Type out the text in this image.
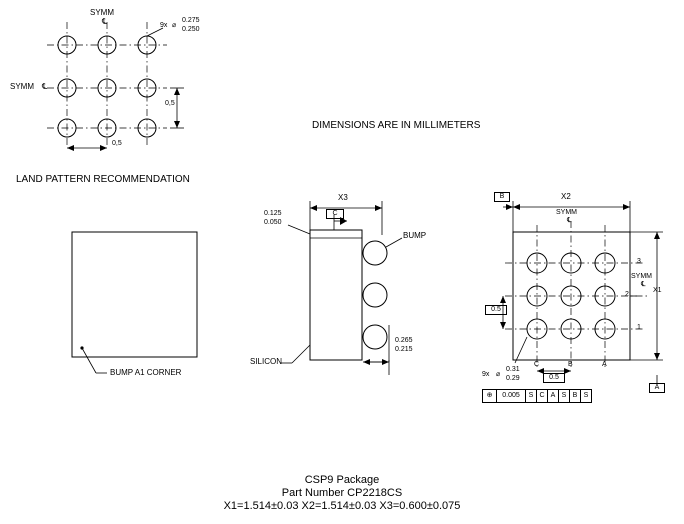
SYMM
℄
SYMM ℄
9x ⌀
0.275
0.250
0,5
0,5
LAND PATTERN RECOMMENDATION
DIMENSIONS ARE IN MILLIMETERS
BUMP A1 CORNER
X3
0.125
0.050
C
BUMP
SILICON
0.265
0.215
B	X2
SYMM
℄
X1
SYMM
℄
3
2
1
C	B	A
0.5
0.5
9x ⌀
0.31
0.29
A
⊕	0.005	S C A S B S
CSP9 Package
Part Number CP2218CS
X1=1.514±0.03 X2=1.514±0.03 X3=0.600±0.075
